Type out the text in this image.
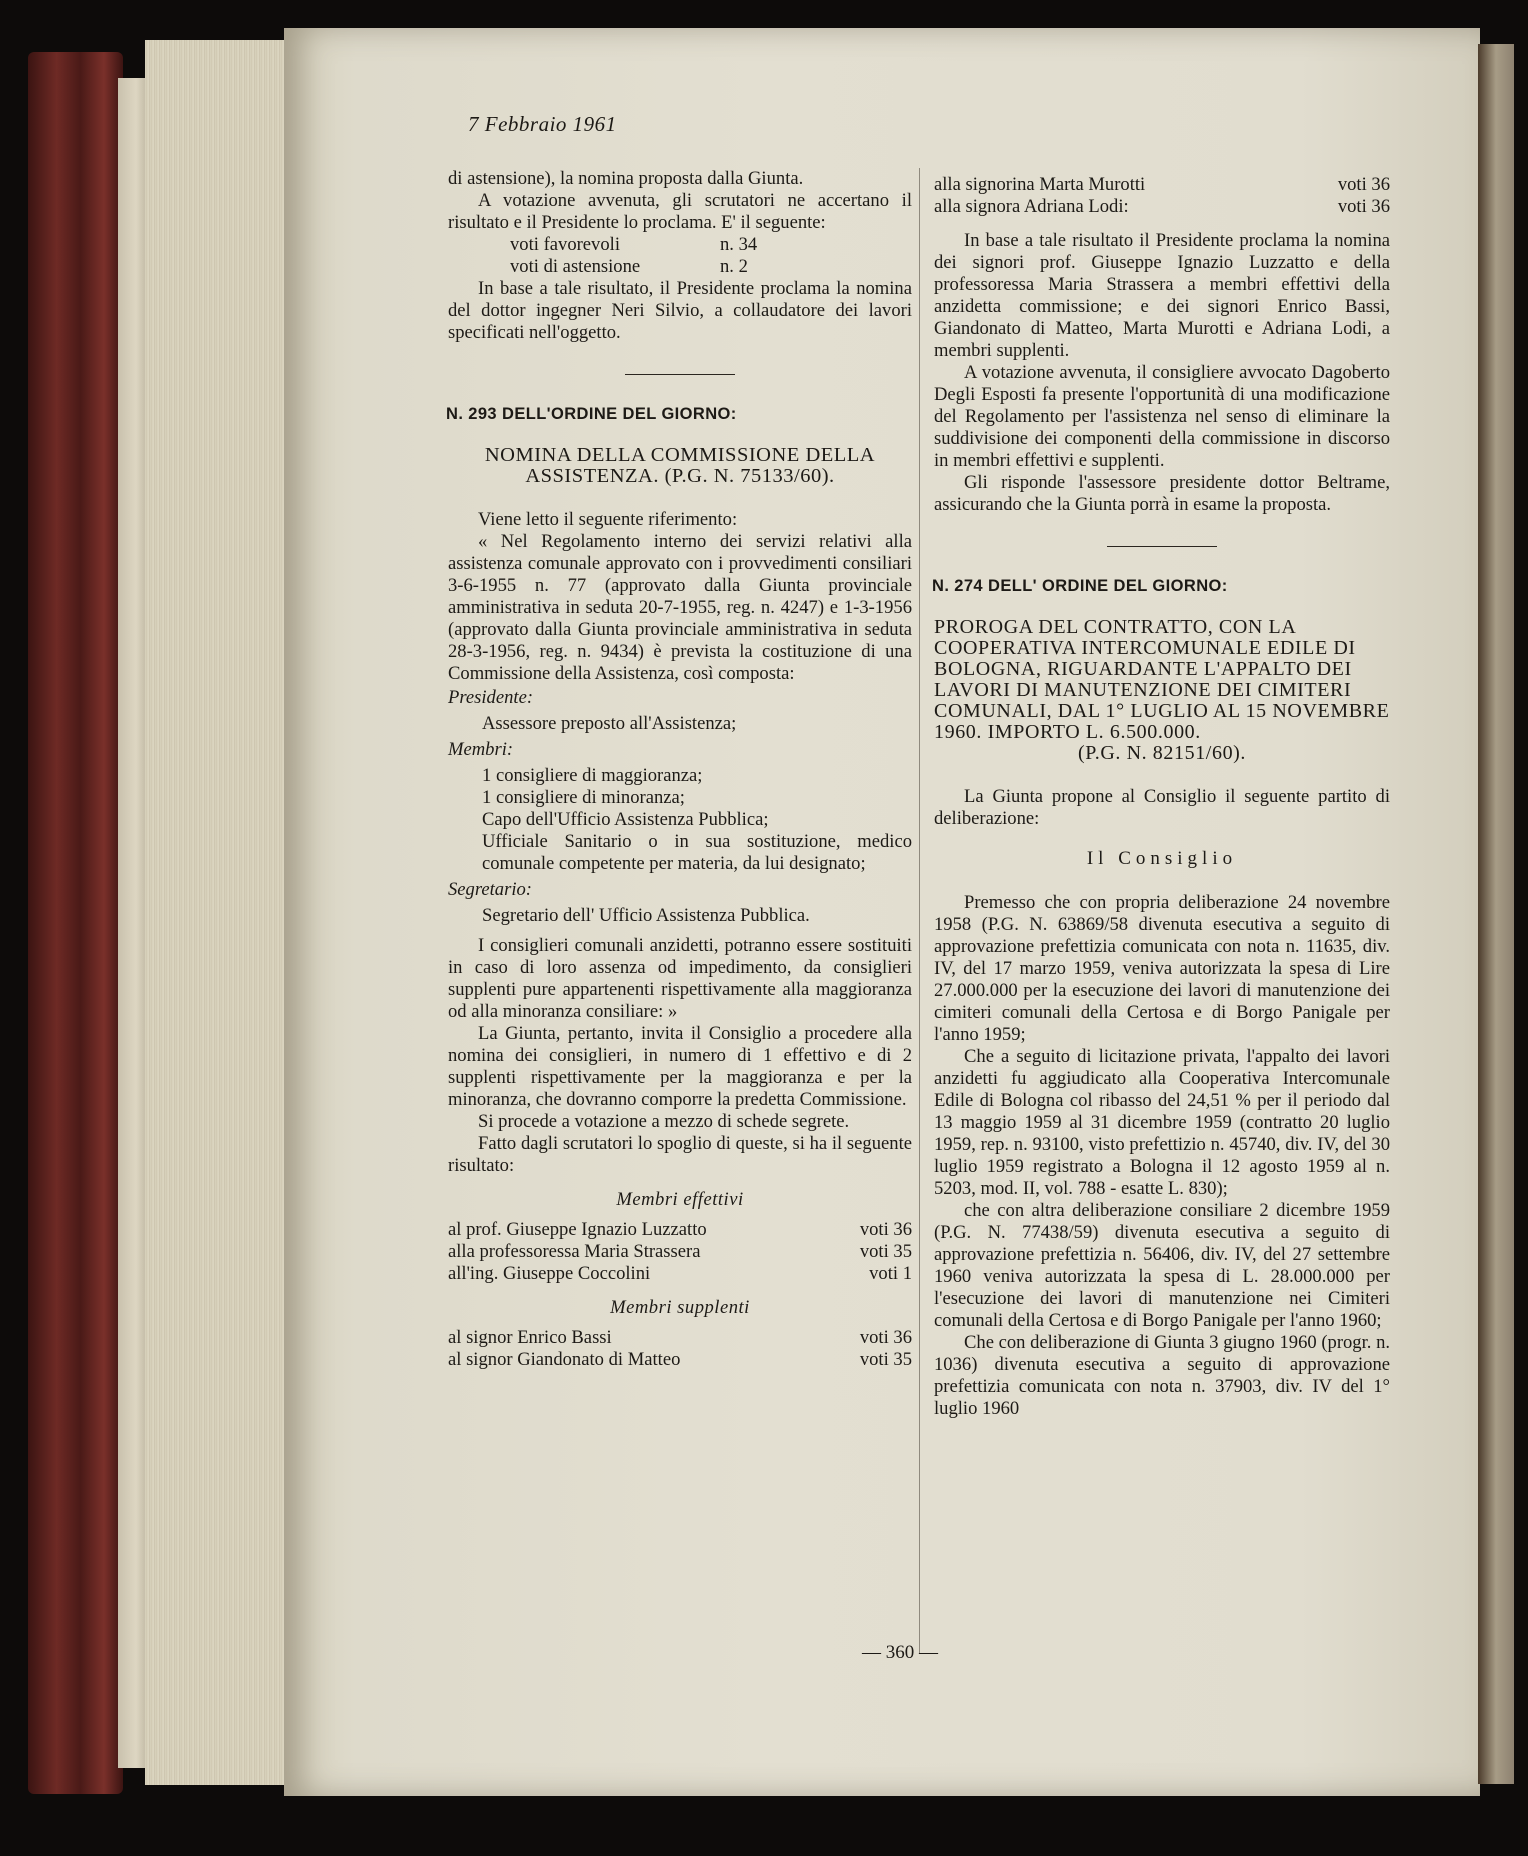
7 Febbraio 1961

di astensione), la nomina proposta dalla Giunta.

A votazione avvenuta, gli scrutatori ne accertano il risultato e il Presidente lo proclama. E' il seguente:

voti favorevoli	n. 34
voti di astensione	n. 2

In base a tale risultato, il Presidente proclama la nomina del dottor ingegner Neri Silvio, a collaudatore dei lavori specificati nell'oggetto.

N. 293 DELL'ORDINE DEL GIORNO:
NOMINA DELLA COMMISSIONE DELLA ASSISTENZA. (P.G. N. 75133/60).

Viene letto il seguente riferimento:

« Nel Regolamento interno dei servizi relativi alla assistenza comunale approvato con i provvedimenti consiliari 3-6-1955 n. 77 (approvato dalla Giunta provinciale amministrativa in seduta 20-7-1955, reg. n. 4247) e 1-3-1956 (approvato dalla Giunta provinciale amministrativa in seduta 28-3-1956, reg. n. 9434) è prevista la costituzione di una Commissione della Assistenza, così composta:

Presidente:
Assessore preposto all'Assistenza;
Membri:
1 consigliere di maggioranza;
1 consigliere di minoranza;
Capo dell'Ufficio Assistenza Pubblica;
Ufficiale Sanitario o in sua sostituzione, medico comunale competente per materia, da lui designato;
Segretario:
Segretario dell' Ufficio Assistenza Pubblica.

I consiglieri comunali anzidetti, potranno essere sostituiti in caso di loro assenza od impedimento, da consiglieri supplenti pure appartenenti rispettivamente alla maggioranza od alla minoranza consiliare: »

La Giunta, pertanto, invita il Consiglio a procedere alla nomina dei consiglieri, in numero di 1 effettivo e di 2 supplenti rispettivamente per la maggioranza e per la minoranza, che dovranno comporre la predetta Commissione.

Si procede a votazione a mezzo di schede segrete.

Fatto dagli scrutatori lo spoglio di queste, si ha il seguente risultato:

Membri effettivi
al prof. Giuseppe Ignazio Luzzatto	voti 36
alla professoressa Maria Strassera	voti 35
all'ing. Giuseppe Coccolini	voti 1
Membri supplenti
al signor Enrico Bassi	voti 36
al signor Giandonato di Matteo	voti 35
alla signorina Marta Murotti	voti 36
alla signora Adriana Lodi:	voti 36

In base a tale risultato il Presidente proclama la nomina dei signori prof. Giuseppe Ignazio Luzzatto e della professoressa Maria Strassera a membri effettivi della anzidetta commissione; e dei signori Enrico Bassi, Giandonato di Matteo, Marta Murotti e Adriana Lodi, a membri supplenti.

A votazione avvenuta, il consigliere avvocato Dagoberto Degli Esposti fa presente l'opportunità di una modificazione del Regolamento per l'assistenza nel senso di eliminare la suddivisione dei componenti della commissione in discorso in membri effettivi e supplenti.

Gli risponde l'assessore presidente dottor Beltrame, assicurando che la Giunta porrà in esame la proposta.

N. 274 DELL' ORDINE DEL GIORNO:
PROROGA DEL CONTRATTO, CON LA COOPERATIVA INTERCOMUNALE EDILE DI BOLOGNA, RIGUARDANTE L'APPALTO DEI LAVORI DI MANUTENZIONE DEI CIMITERI COMUNALI, DAL 1° LUGLIO AL 15 NOVEMBRE 1960. IMPORTO L. 6.500.000.
(P.G. N. 82151/60).

La Giunta propone al Consiglio il seguente partito di deliberazione:

Il Consiglio

Premesso che con propria deliberazione 24 novembre 1958 (P.G. N. 63869/58 divenuta esecutiva a seguito di approvazione prefettizia comunicata con nota n. 11635, div. IV, del 17 marzo 1959, veniva autorizzata la spesa di Lire 27.000.000 per la esecuzione dei lavori di manutenzione dei cimiteri comunali della Certosa e di Borgo Panigale per l'anno 1959;

Che a seguito di licitazione privata, l'appalto dei lavori anzidetti fu aggiudicato alla Cooperativa Intercomunale Edile di Bologna col ribasso del 24,51 % per il periodo dal 13 maggio 1959 al 31 dicembre 1959 (contratto 20 luglio 1959, rep. n. 93100, visto prefettizio n. 45740, div. IV, del 30 luglio 1959 registrato a Bologna il 12 agosto 1959 al n. 5203, mod. II, vol. 788 - esatte L. 830);

che con altra deliberazione consiliare 2 dicembre 1959 (P.G. N. 77438/59) divenuta esecutiva a seguito di approvazione prefettizia n. 56406, div. IV, del 27 settembre 1960 veniva autorizzata la spesa di L. 28.000.000 per l'esecuzione dei lavori di manutenzione nei Cimiteri comunali della Certosa e di Borgo Panigale per l'anno 1960;

Che con deliberazione di Giunta 3 giugno 1960 (progr. n. 1036) divenuta esecutiva a seguito di approvazione prefettizia comunicata con nota n. 37903, div. IV del 1° luglio 1960

— 360 —
